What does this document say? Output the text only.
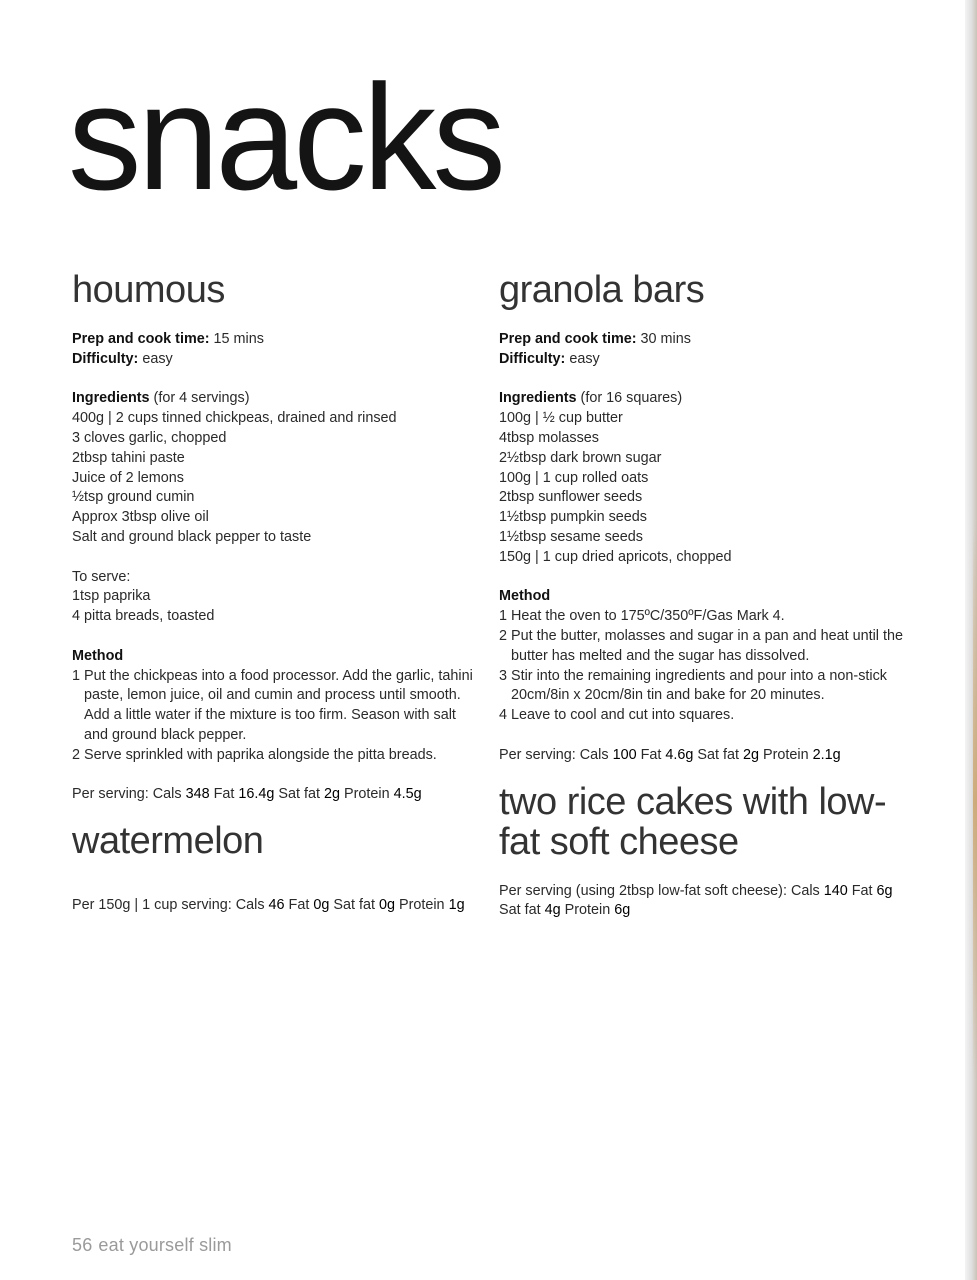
snacks
houmous
Prep and cook time: 15 mins
Difficulty: easy
Ingredients (for 4 servings)
400g | 2 cups tinned chickpeas, drained and rinsed
3 cloves garlic, chopped
2tbsp tahini paste
Juice of 2 lemons
½tsp ground cumin
Approx 3tbsp olive oil
Salt and ground black pepper to taste
To serve:
1tsp paprika
4 pitta breads, toasted
Method
1 Put the chickpeas into a food processor. Add the garlic, tahini
paste, lemon juice, oil and cumin and process until smooth.
Add a little water if the mixture is too firm. Season with salt
and ground black pepper.
2 Serve sprinkled with paprika alongside the pitta breads.
Per serving: Cals 348 Fat 16.4g Sat fat 2g Protein 4.5g
watermelon
Per 150g | 1 cup serving: Cals 46 Fat 0g Sat fat 0g Protein 1g
granola bars
Prep and cook time: 30 mins
Difficulty: easy
Ingredients (for 16 squares)
100g | ½ cup butter
4tbsp molasses
2½tbsp dark brown sugar
100g | 1 cup rolled oats
2tbsp sunflower seeds
1½tbsp pumpkin seeds
1½tbsp sesame seeds
150g | 1 cup dried apricots, chopped
Method
1 Heat the oven to 175ºC/350ºF/Gas Mark 4.
2 Put the butter, molasses and sugar in a pan and heat until the
butter has melted and the sugar has dissolved.
3 Stir into the remaining ingredients and pour into a non-stick
20cm/8in x 20cm/8in tin and bake for 20 minutes.
4 Leave to cool and cut into squares.
Per serving: Cals 100 Fat 4.6g Sat fat 2g Protein 2.1g
two rice cakes with low-
fat soft cheese
Per serving (using 2tbsp low-fat soft cheese): Cals 140 Fat 6g
Sat fat 4g Protein 6g
56 eat yourself slim
